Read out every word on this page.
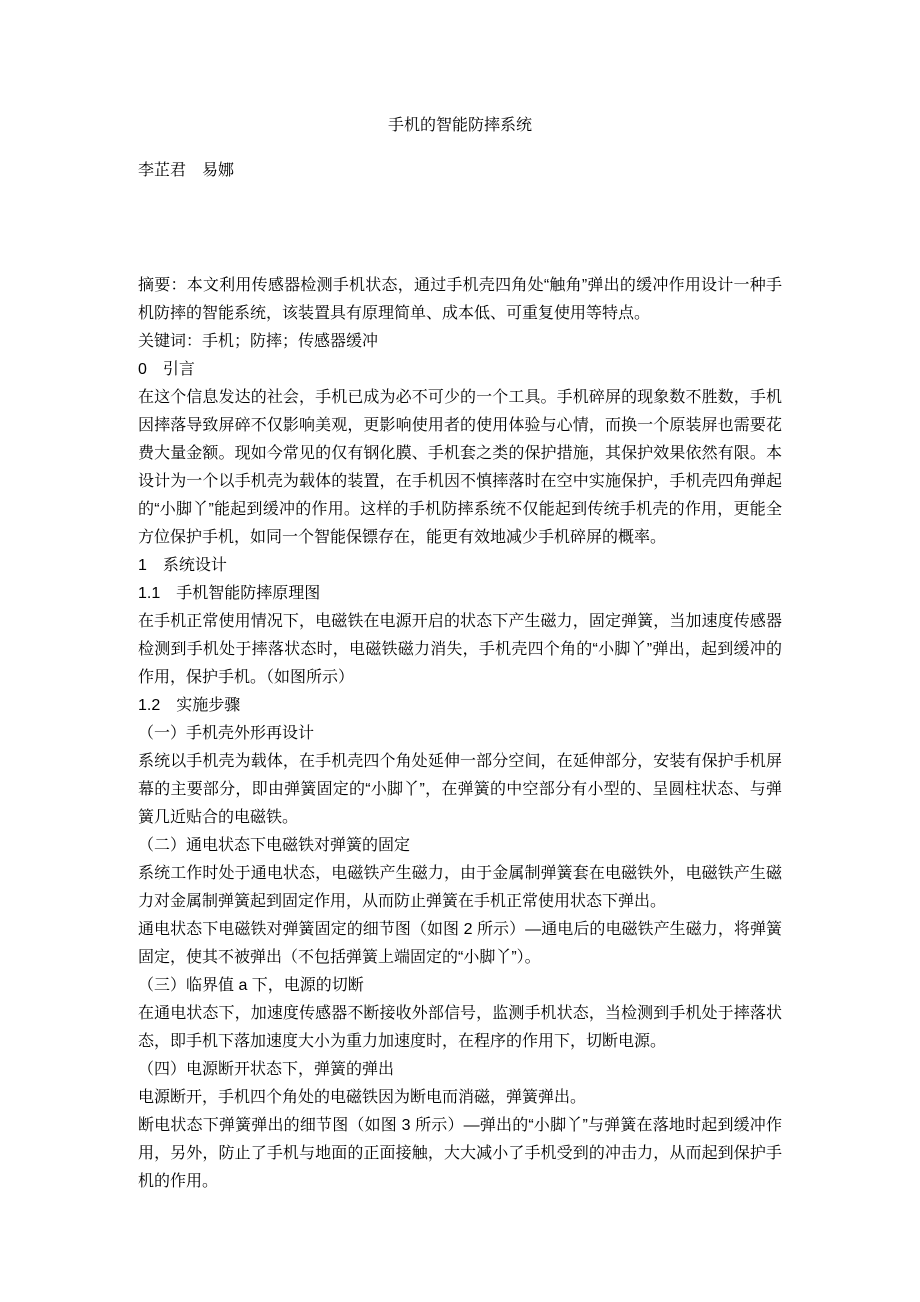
手机的智能防摔系统

李芷君　易娜

摘要：本文利用传感器检测手机状态，通过手机壳四角处“触角”弹出的缓冲作用设计一种手机防摔的智能系统，该装置具有原理简单、成本低、可重复使用等特点。

关键词：手机；防摔；传感器缓冲

0　引言

在这个信息发达的社会，手机已成为必不可少的一个工具。手机碎屏的现象数不胜数，手机因摔落导致屏碎不仅影响美观，更影响使用者的使用体验与心情，而换一个原装屏也需要花费大量金额。现如今常见的仅有钢化膜、手机套之类的保护措施，其保护效果依然有限。本设计为一个以手机壳为载体的装置，在手机因不慎摔落时在空中实施保护，手机壳四角弹起的“小脚丫”能起到缓冲的作用。这样的手机防摔系统不仅能起到传统手机壳的作用，更能全方位保护手机，如同一个智能保镖存在，能更有效地减少手机碎屏的概率。

1　系统设计

1.1　手机智能防摔原理图

在手机正常使用情况下，电磁铁在电源开启的状态下产生磁力，固定弹簧，当加速度传感器检测到手机处于摔落状态时，电磁铁磁力消失，手机壳四个角的“小脚丫”弹出，起到缓冲的作用，保护手机。（如图所示）

1.2　实施步骤

（一）手机壳外形再设计

系统以手机壳为载体，在手机壳四个角处延伸一部分空间，在延伸部分，安装有保护手机屏幕的主要部分，即由弹簧固定的“小脚丫”，在弹簧的中空部分有小型的、呈圆柱状态、与弹簧几近贴合的电磁铁。

（二）通电状态下电磁铁对弹簧的固定

系统工作时处于通电状态，电磁铁产生磁力，由于金属制弹簧套在电磁铁外，电磁铁产生磁力对金属制弹簧起到固定作用，从而防止弹簧在手机正常使用状态下弹出。

通电状态下电磁铁对弹簧固定的细节图（如图 2 所示）—通电后的电磁铁产生磁力，将弹簧固定，使其不被弹出（不包括弹簧上端固定的“小脚丫”）。

（三）临界值 a 下，电源的切断

在通电状态下，加速度传感器不断接收外部信号，监测手机状态，当检测到手机处于摔落状态，即手机下落加速度大小为重力加速度时，在程序的作用下，切断电源。

（四）电源断开状态下，弹簧的弹出

电源断开，手机四个角处的电磁铁因为断电而消磁，弹簧弹出。

断电状态下弹簧弹出的细节图（如图 3 所示）—弹出的“小脚丫”与弹簧在落地时起到缓冲作用，另外，防止了手机与地面的正面接触，大大减小了手机受到的冲击力，从而起到保护手机的作用。
